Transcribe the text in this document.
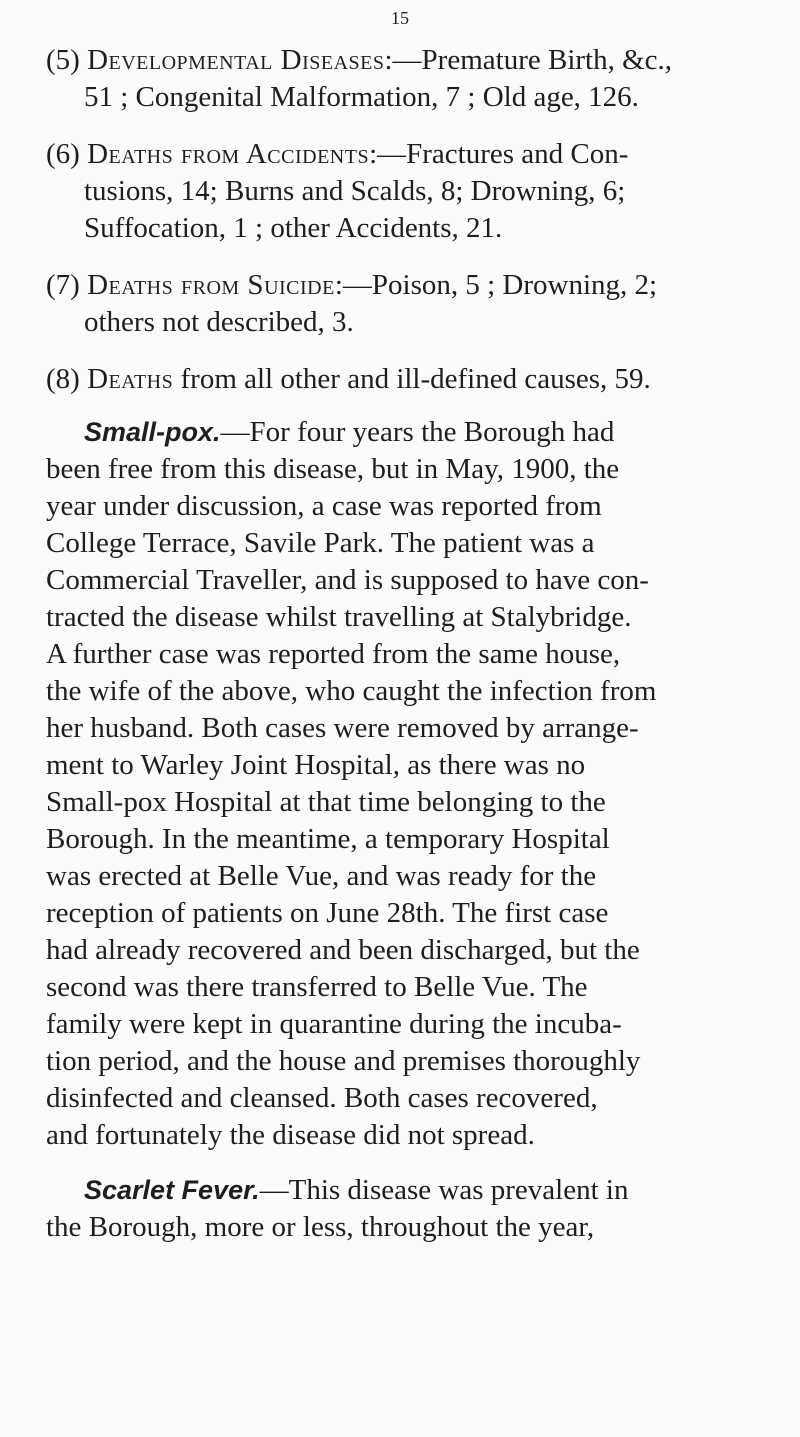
15
(5) Developmental Diseases:—Premature Birth, &c.,
51 ; Congenital Malformation, 7 ; Old age, 126.
(6) Deaths from Accidents:—Fractures and Con-
tusions, 14; Burns and Scalds, 8; Drowning, 6;
Suffocation, 1 ; other Accidents, 21.
(7) Deaths from Suicide:—Poison, 5 ; Drowning, 2;
others not described, 3.
(8) Deaths from all other and ill-defined causes, 59.
Small-pox.—For four years the Borough had
been free from this disease, but in May, 1900, the
year under discussion, a case was reported from
College Terrace, Savile Park. The patient was a
Commercial Traveller, and is supposed to have con-
tracted the disease whilst travelling at Stalybridge.
A further case was reported from the same house,
the wife of the above, who caught the infection from
her husband. Both cases were removed by arrange-
ment to Warley Joint Hospital, as there was no
Small-pox Hospital at that time belonging to the
Borough. In the meantime, a temporary Hospital
was erected at Belle Vue, and was ready for the
reception of patients on June 28th. The first case
had already recovered and been discharged, but the
second was there transferred to Belle Vue. The
family were kept in quarantine during the incuba-
tion period, and the house and premises thoroughly
disinfected and cleansed. Both cases recovered,
and fortunately the disease did not spread.
Scarlet Fever.—This disease was prevalent in
the Borough, more or less, throughout the year,
